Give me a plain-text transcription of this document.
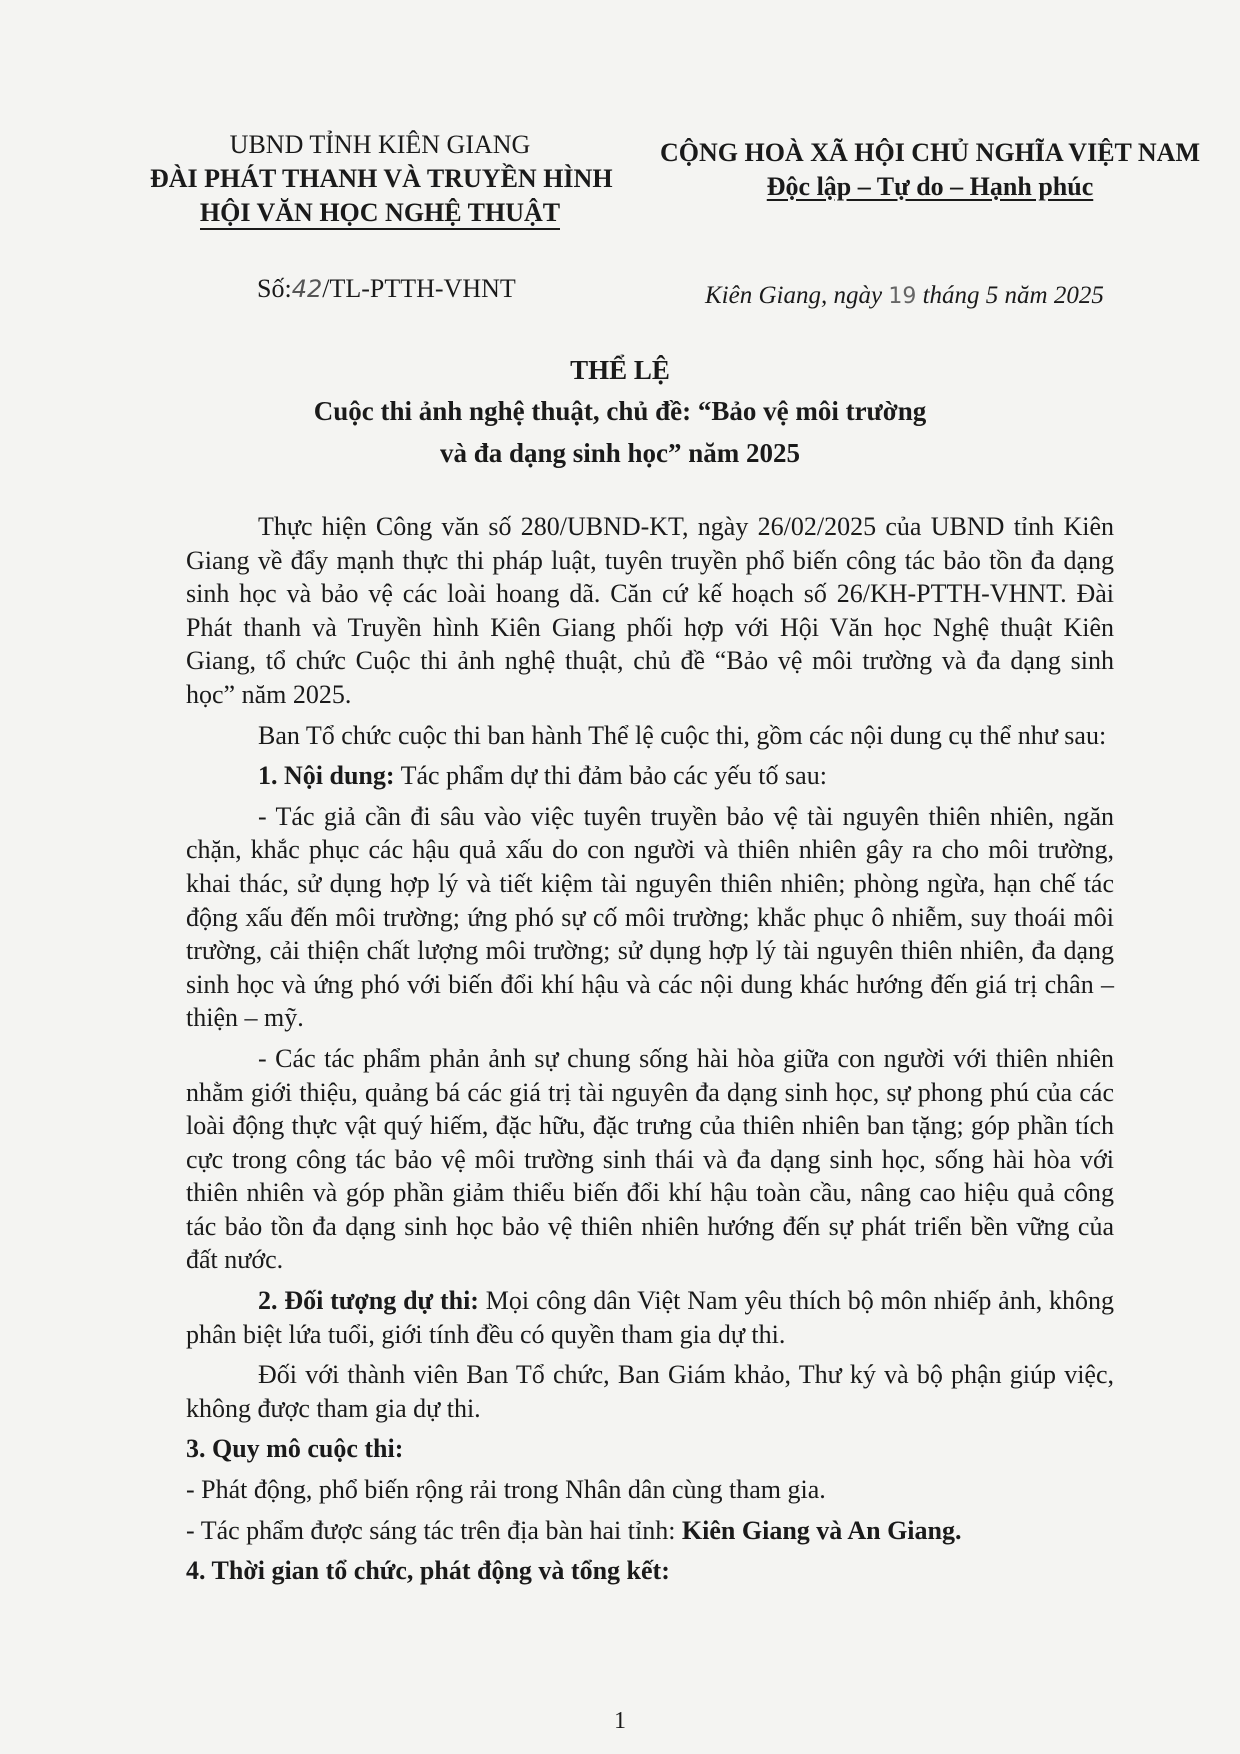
UBND TỈNH KIÊN GIANG
ĐÀI PHÁT THANH VÀ TRUYỀN HÌNH
HỘI VĂN HỌC NGHỆ THUẬT
CỘNG HOÀ XÃ HỘI CHỦ NGHĨA VIỆT NAM
Độc lập – Tự do – Hạnh phúc
Số:42/TL-PTTH-VHNT	Kiên Giang, ngày 19 tháng 5 năm 2025
THỂ LỆ
Cuộc thi ảnh nghệ thuật, chủ đề: “Bảo vệ môi trường
và đa dạng sinh học” năm 2025

Thực hiện Công văn số 280/UBND-KT, ngày 26/02/2025 của UBND tỉnh Kiên Giang về đẩy mạnh thực thi pháp luật, tuyên truyền phổ biến công tác bảo tồn đa dạng sinh học và bảo vệ các loài hoang dã. Căn cứ kế hoạch số 26/KH-PTTH-VHNT. Đài Phát thanh và Truyền hình Kiên Giang phối hợp với Hội Văn học Nghệ thuật Kiên Giang, tổ chức Cuộc thi ảnh nghệ thuật, chủ đề “Bảo vệ môi trường và đa dạng sinh học” năm 2025.

Ban Tổ chức cuộc thi ban hành Thể lệ cuộc thi, gồm các nội dung cụ thể như sau:

1. Nội dung: Tác phẩm dự thi đảm bảo các yếu tố sau:

- Tác giả cần đi sâu vào việc tuyên truyền bảo vệ tài nguyên thiên nhiên, ngăn chặn, khắc phục các hậu quả xấu do con người và thiên nhiên gây ra cho môi trường, khai thác, sử dụng hợp lý và tiết kiệm tài nguyên thiên nhiên; phòng ngừa, hạn chế tác động xấu đến môi trường; ứng phó sự cố môi trường; khắc phục ô nhiễm, suy thoái môi trường, cải thiện chất lượng môi trường; sử dụng hợp lý tài nguyên thiên nhiên, đa dạng sinh học và ứng phó với biến đổi khí hậu và các nội dung khác hướng đến giá trị chân – thiện – mỹ.

- Các tác phẩm phản ảnh sự chung sống hài hòa giữa con người với thiên nhiên nhằm giới thiệu, quảng bá các giá trị tài nguyên đa dạng sinh học, sự phong phú của các loài động thực vật quý hiếm, đặc hữu, đặc trưng của thiên nhiên ban tặng; góp phần tích cực trong công tác bảo vệ môi trường sinh thái và đa dạng sinh học, sống hài hòa với thiên nhiên và góp phần giảm thiểu biến đổi khí hậu toàn cầu, nâng cao hiệu quả công tác bảo tồn đa dạng sinh học bảo vệ thiên nhiên hướng đến sự phát triển bền vững của đất nước.

2. Đối tượng dự thi: Mọi công dân Việt Nam yêu thích bộ môn nhiếp ảnh, không phân biệt lứa tuổi, giới tính đều có quyền tham gia dự thi.

Đối với thành viên Ban Tổ chức, Ban Giám khảo, Thư ký và bộ phận giúp việc, không được tham gia dự thi.

3. Quy mô cuộc thi:

- Phát động, phổ biến rộng rải trong Nhân dân cùng tham gia.

- Tác phẩm được sáng tác trên địa bàn hai tỉnh: Kiên Giang và An Giang.

4. Thời gian tổ chức, phát động và tổng kết:

1
